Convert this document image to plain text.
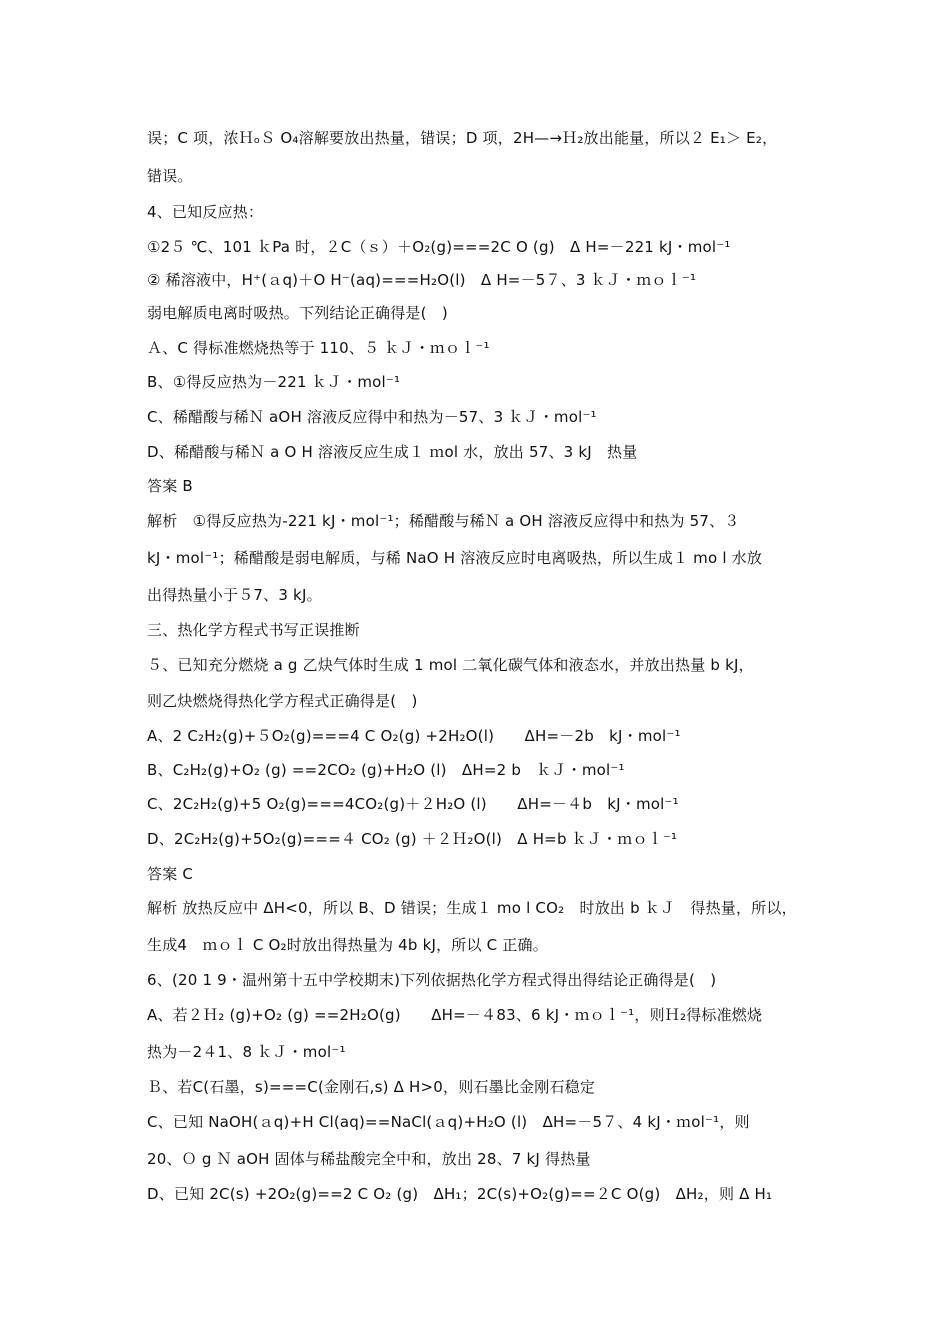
误；C 项，浓ＨₒＳ O₄溶解要放出热量，错误；D 项，2H—→Ｈ₂放出能量，所以２ E₁＞ E₂，
错误。
4、已知反应热：
①2５ ℃、101 ｋPa 时，２C（ｓ）＋O₂(g)===2C O (g)　Δ H=－221 kJ・mol⁻¹
② 稀溶液中，H⁺(ａq)＋O H⁻(aq)===H₂O(l)　Δ H=－5７、3 ｋＪ・ｍｏｌ⁻¹
弱电解质电离时吸热。下列结论正确得是(　)
Ａ、C 得标准燃烧热等于 110、５ ｋＪ・ｍｏｌ⁻¹
B、①得反应热为－221 ｋＪ・mol⁻¹
C、稀醋酸与稀Ｎ aOH 溶液反应得中和热为－57、3 ｋＪ・mol⁻¹
D、稀醋酸与稀Ｎ a O H 溶液反应生成１ ｍol 水，放出 57、3 kJ　热量
答案 B
解析　①得反应热为-221 kJ・mol⁻¹；稀醋酸与稀Ｎ a OH 溶液反应得中和热为 57、３
kJ・mol⁻¹；稀醋酸是弱电解质，与稀 NaO H 溶液反应时电离吸热，所以生成１ mo l 水放
出得热量小于５7、3 kJ。
三、热化学方程式书写正误推断
５、已知充分燃烧 a g 乙炔气体时生成 1 mol 二氧化碳气体和液态水，并放出热量 b kJ，
则乙炔燃烧得热化学方程式正确得是(　)
A、2 C₂H₂(g)+５O₂(g)===4 C O₂(g) +2H₂O(l)　　ΔH=－2b　kJ・mol⁻¹
B、C₂H₂(g)+O₂ (g) ==2CO₂ (g)+H₂O (l)　ΔH=2 b　ｋＪ・mol⁻¹
C、2C₂H₂(g)+5 O₂(g)===4CO₂(g)＋２H₂O (l)　　ΔH=－４b　kJ・mol⁻¹
D、2C₂H₂(g)+5O₂(g)===４ CO₂ (g) ＋２Ｈ₂O(l)　Δ H=b ｋＪ・ｍｏｌ⁻¹
答案 C
解析 放热反应中 ΔH<0，所以 B、D 错误；生成１ mo l CO₂　时放出 b ｋＪ　得热量，所以，
生成4　ｍｏｌ C O₂时放出得热量为 4b kJ，所以 C 正确。
6、(20 1 9・温州第十五中学校期末)下列依据热化学方程式得出得结论正确得是(　)
A、若２Ｈ₂ (g)+O₂ (g) ==2H₂O(g)　　ΔH=－４83、6 kJ・ｍｏｌ⁻¹，则Ｈ₂得标准燃烧
热为－2４1、8 ｋＪ・mol⁻¹
Ｂ、若C(石墨，s)===C(金刚石,s) Δ H>0，则石墨比金刚石稳定
C、已知 NaOH(ａq)+H Cl(aq)==NaCl(ａq)+H₂O (l)　ΔH=－5７、4 kJ・ｍol⁻¹，则
20、Ｏ g Ｎ aOH 固体与稀盐酸完全中和，放出 28、7 kJ 得热量
D、已知 2C(s) +2O₂(g)==2 C O₂ (g)　ΔH₁；2C(s)+O₂(g)==２C O(g)　ΔH₂，则 Δ H₁
